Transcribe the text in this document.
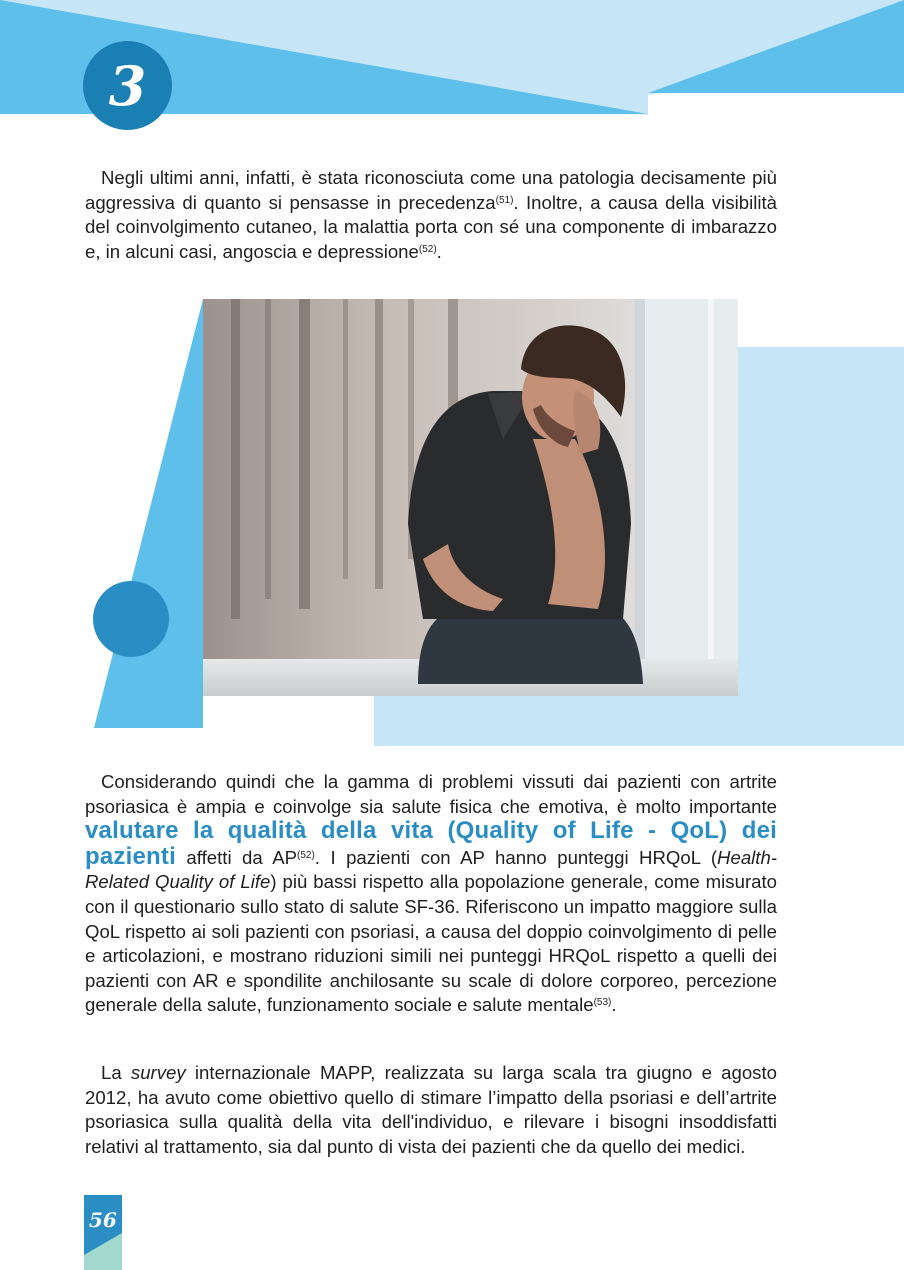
3

Negli ultimi anni, infatti, è stata riconosciuta come una patologia decisamente più aggressiva di quanto si pensasse in precedenza$^{(51)}$. Inoltre, a causa della visibilità del coinvolgimento cutaneo, la malattia porta con sé una componente di imbarazzo e, in alcuni casi, angoscia e depressione$^{(52)}$.

Considerando quindi che la gamma di problemi vissuti dai pazienti con artrite psoriasica è ampia e coinvolge sia salute fisica che emotiva, è molto importante valutare la qualità della vita (Quality of Life - QoL) dei pazienti affetti da AP$^{(52)}$. I pazienti con AP hanno punteggi HRQoL (Health-Related Quality of Life) più bassi rispetto alla popolazione generale, come misurato con il questionario sullo stato di salute SF-36. Riferiscono un impatto maggiore sulla QoL rispetto ai soli pazienti con psoriasi, a causa del doppio coinvolgimento di pelle e articolazioni, e mostrano riduzioni simili nei punteggi HRQoL rispetto a quelli dei pazienti con AR e spondilite anchilosante su scale di dolore corporeo, percezione generale della salute, funzionamento sociale e salute mentale$^{(53)}$.

La survey internazionale MAPP, realizzata su larga scala tra giugno e agosto 2012, ha avuto come obiettivo quello di stimare l’impatto della psoriasi e dell’artrite psoriasica sulla qualità della vita dell'individuo, e rilevare i bisogni insoddisfatti relativi al trattamento, sia dal punto di vista dei pazienti che da quello dei medici.

56
